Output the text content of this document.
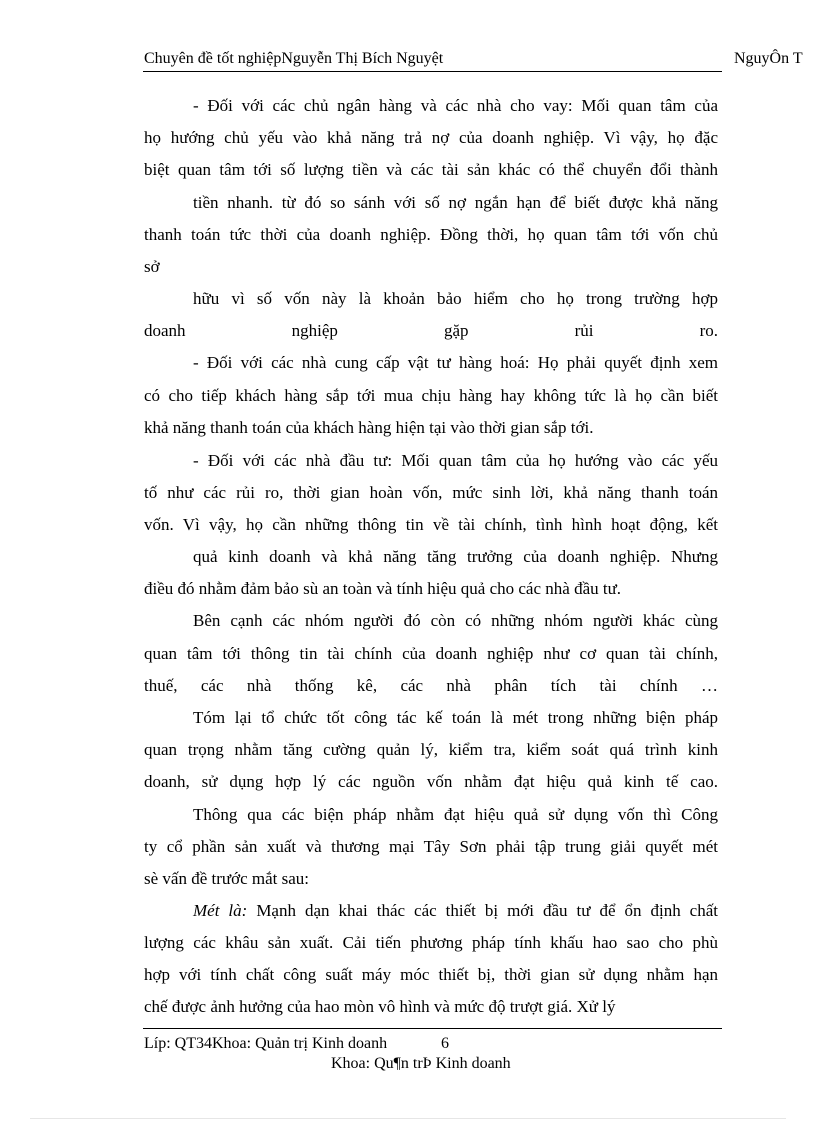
Chuyên đề tốt nghiệpNguyễn Thị Bích Nguyệt	NguyÔn T
- Đối với các chủ ngân hàng và các nhà cho vay: Mối quan tâm của
họ hướng chủ yếu vào khả năng trả nợ của doanh nghiệp. Vì vậy, họ đặc
biệt quan tâm tới số lượng tiền và các tài sản khác có thể chuyển đổi thành
tiền nhanh. từ đó so sánh với số nợ ngắn hạn để biết được khả năng
thanh toán tức thời của doanh nghiệp. Đồng thời, họ quan tâm tới vốn chủ
sở
hữu vì số vốn này là khoản bảo hiểm cho họ trong trường hợp
doanh nghiệp gặp rủi ro.
- Đối với các nhà cung cấp vật tư hàng hoá: Họ phải quyết định xem
có cho tiếp khách hàng sắp tới mua chịu hàng hay không tức là họ cần biết
khả năng thanh toán của khách hàng hiện tại vào thời gian sắp tới.
- Đối với các nhà đầu tư: Mối quan tâm của họ hướng vào các yếu
tố như các rủi ro, thời gian hoàn vốn, mức sinh lời, khả năng thanh toán
vốn. Vì vậy, họ cần những thông tin về tài chính, tình hình hoạt động, kết
quả kinh doanh và khả năng tăng trưởng của doanh nghiệp. Nhưng
điều đó nhằm đảm bảo sù an toàn và tính hiệu quả cho các nhà đầu tư.
Bên cạnh các nhóm người đó còn có những nhóm người khác cùng
quan tâm tới thông tin tài chính của doanh nghiệp như cơ quan tài chính,
thuế, các nhà thống kê, các nhà phân tích tài chính …
Tóm lại tổ chức tốt công tác kế toán là mét trong những biện pháp
quan trọng nhằm tăng cường quản lý, kiểm tra, kiểm soát quá trình kinh
doanh, sử dụng hợp lý các nguồn vốn nhằm đạt hiệu quả kinh tế cao.
Thông qua các biện pháp nhằm đạt hiệu quả sử dụng vốn thì Công
ty cổ phần sản xuất và thương mại Tây Sơn phải tập trung giải quyết mét
sè vấn đề trước mắt sau:
Mét là: Mạnh dạn khai thác các thiết bị mới đầu tư để ổn định chất
lượng các khâu sản xuất. Cải tiến phương pháp tính khấu hao sao cho phù
hợp với tính chất công suất máy móc thiết bị, thời gian sử dụng nhằm hạn
chế được ảnh hưởng của hao mòn vô hình và mức độ trượt giá. Xử lý
Líp: QT34Khoa: Quản trị Kinh doanh	6
Khoa: Qu¶n trÞ Kinh doanh
